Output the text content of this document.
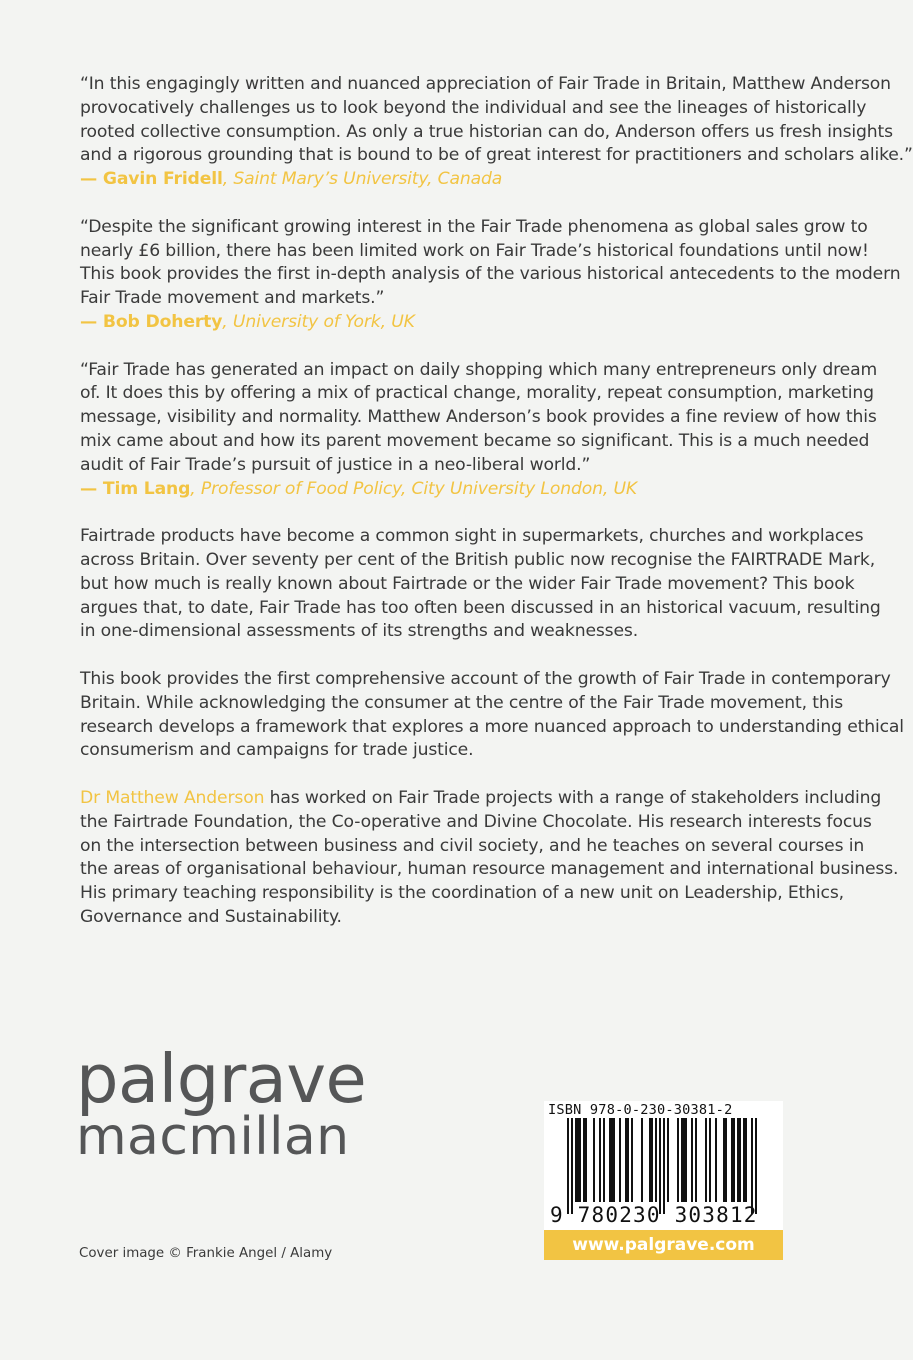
“In this engagingly written and nuanced appreciation of Fair Trade in Britain, Matthew Anderson
provocatively challenges us to look beyond the individual and see the lineages of historically
rooted collective consumption. As only a true historian can do, Anderson offers us fresh insights
and a rigorous grounding that is bound to be of great interest for practitioners and scholars alike.”
— Gavin Fridell, Saint Mary’s University, Canada
“Despite the significant growing interest in the Fair Trade phenomena as global sales grow to
nearly £6 billion, there has been limited work on Fair Trade’s historical foundations until now!
This book provides the first in-depth analysis of the various historical antecedents to the modern
Fair Trade movement and markets.”
— Bob Doherty, University of York, UK
“Fair Trade has generated an impact on daily shopping which many entrepreneurs only dream
of. It does this by offering a mix of practical change, morality, repeat consumption, marketing
message, visibility and normality. Matthew Anderson’s book provides a fine review of how this
mix came about and how its parent movement became so significant. This is a much needed
audit of Fair Trade’s pursuit of justice in a neo-liberal world.”
— Tim Lang, Professor of Food Policy, City University London, UK
Fairtrade products have become a common sight in supermarkets, churches and workplaces
across Britain. Over seventy per cent of the British public now recognise the FAIRTRADE Mark,
but how much is really known about Fairtrade or the wider Fair Trade movement? This book
argues that, to date, Fair Trade has too often been discussed in an historical vacuum, resulting
in one-dimensional assessments of its strengths and weaknesses.
This book provides the first comprehensive account of the growth of Fair Trade in contemporary
Britain. While acknowledging the consumer at the centre of the Fair Trade movement, this
research develops a framework that explores a more nuanced approach to understanding ethical
consumerism and campaigns for trade justice.
Dr Matthew Anderson has worked on Fair Trade projects with a range of stakeholders including
the Fairtrade Foundation, the Co-operative and Divine Chocolate. His research interests focus
on the intersection between business and civil society, and he teaches on several courses in
the areas of organisational behaviour, human resource management and international business.
His primary teaching responsibility is the coordination of a new unit on Leadership, Ethics,
Governance and Sustainability.
palgrave
macmillan
Cover image © Frankie Angel / Alamy
ISBN 978-0-230-30381-2
9 780230 303812
www.palgrave.com
